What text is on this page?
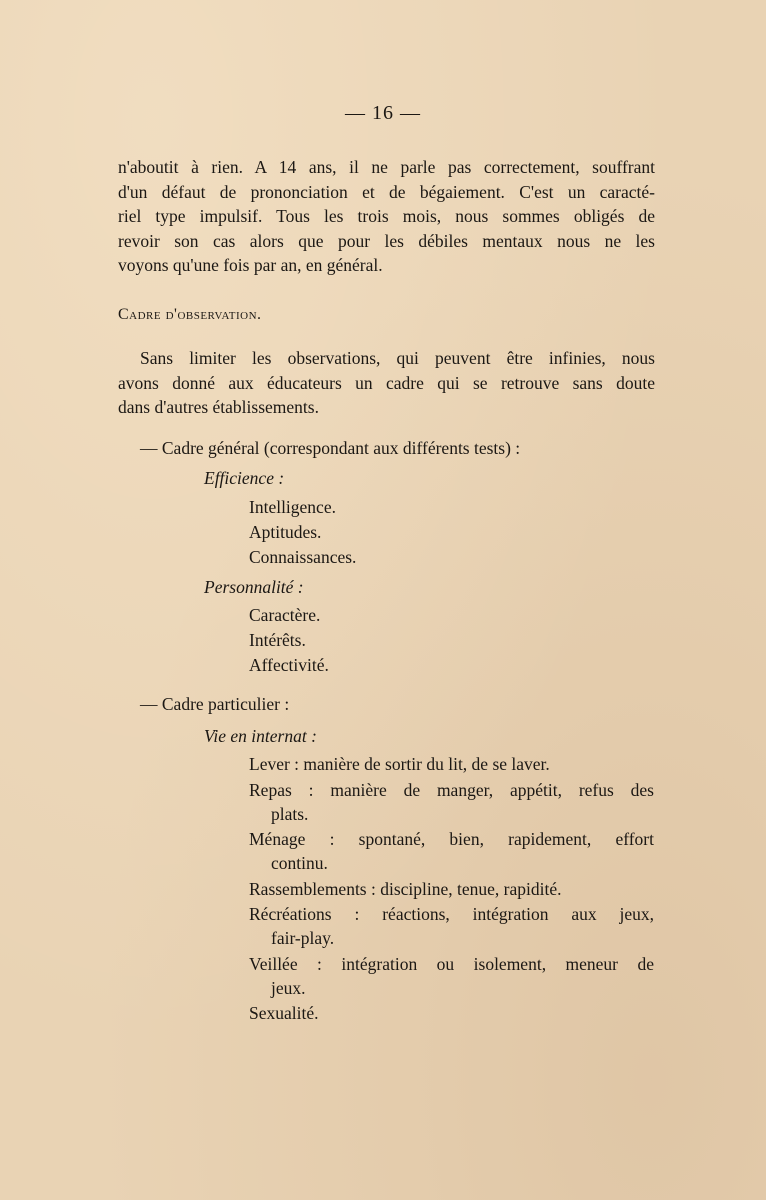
— 16 —
n'aboutit à rien. A 14 ans, il ne parle pas correctement, souffrant
d'un défaut de prononciation et de bégaiement. C'est un caracté-
riel type impulsif. Tous les trois mois, nous sommes obligés de
revoir son cas alors que pour les débiles mentaux nous ne les
voyons qu'une fois par an, en général.
Cadre d'observation.
Sans limiter les observations, qui peuvent être infinies, nous
avons donné aux éducateurs un cadre qui se retrouve sans doute
dans d'autres établissements.
— Cadre général (correspondant aux différents tests) :
Efficience :
Intelligence.
Aptitudes.
Connaissances.
Personnalité :
Caractère.
Intérêts.
Affectivité.
— Cadre particulier :
Vie en internat :
Lever : manière de sortir du lit, de se laver.
Repas : manière de manger, appétit, refus des
plats.
Ménage : spontané, bien, rapidement, effort
continu.
Rassemblements : discipline, tenue, rapidité.
Récréations : réactions, intégration aux jeux,
fair-play.
Veillée : intégration ou isolement, meneur de
jeux.
Sexualité.
